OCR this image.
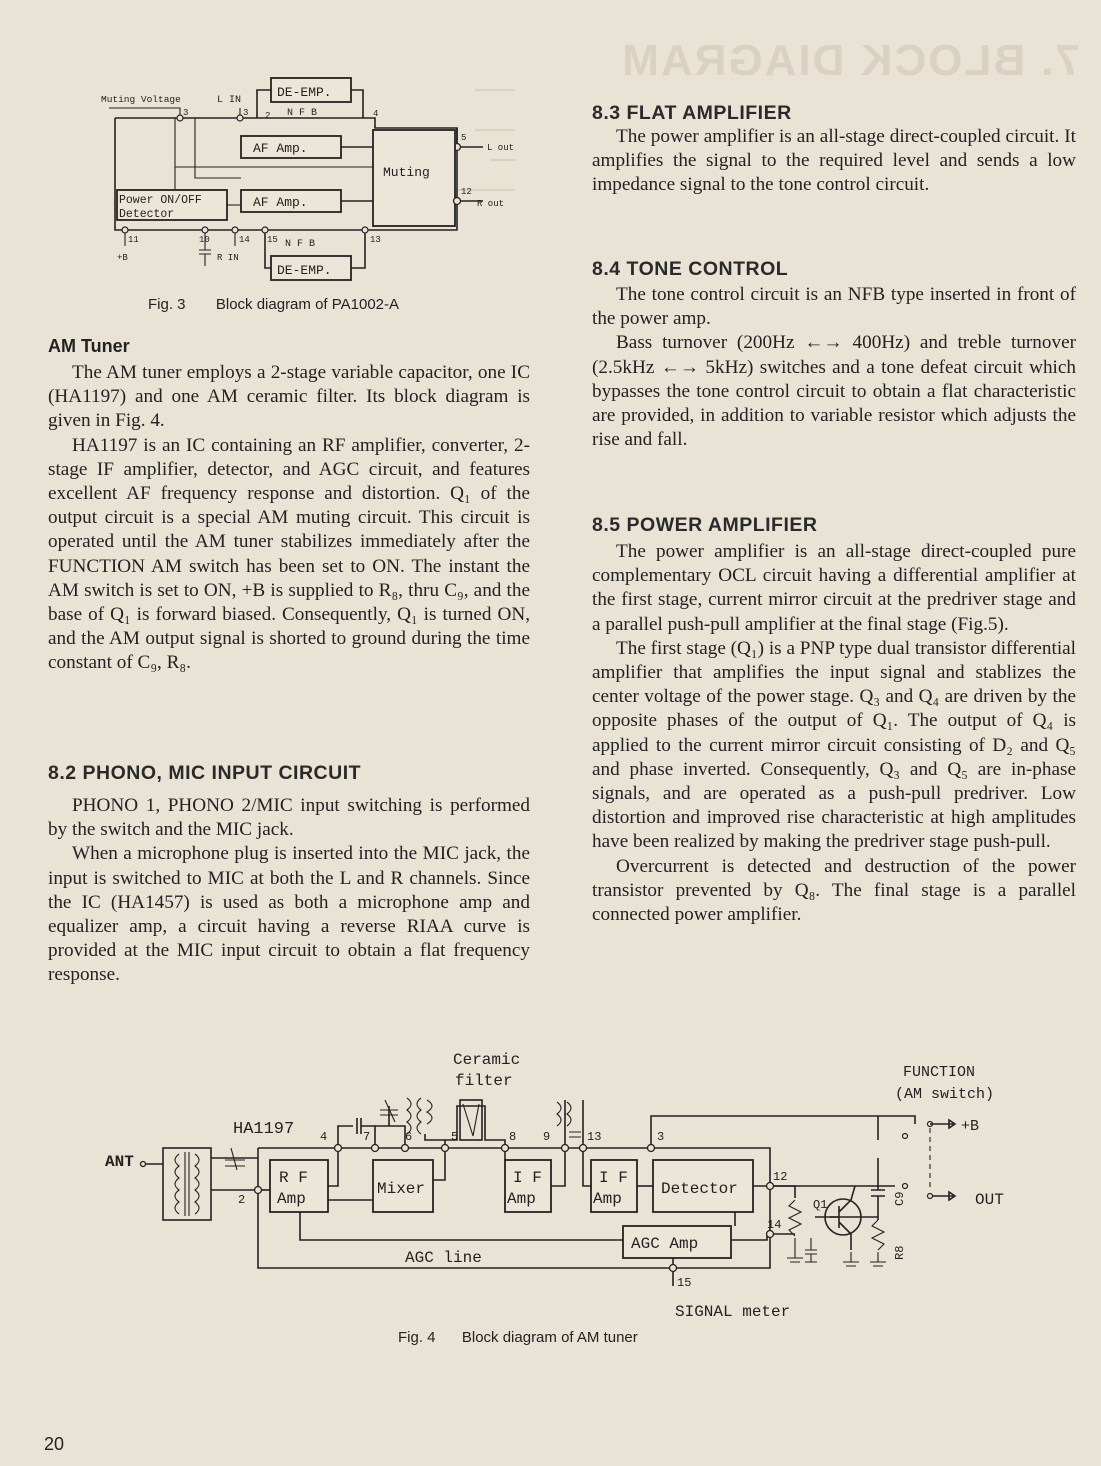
7. BLOCK DIAGRAM
DE-EMP.
N F B
Muting Voltage	L IN
3	3 2	4
AF Amp.
5
L out
Muting
Power ON/OFF
Detector
AF Amp.
12
R out
11	10	14 15	13
+B	R IN
N F B
DE-EMP.
Fig. 3 Block diagram of PA1002-A
AM Tuner

The AM tuner employs a 2-stage variable capacitor, one IC (HA1197) and one AM ceramic filter. Its block diagram is given in Fig. 4.

HA1197 is an IC containing an RF amplifier, converter, 2-stage IF amplifier, detector, and AGC circuit, and features excellent AF frequency response and distortion. Q₁ of the output circuit is a special AM muting circuit. This circuit is operated until the AM tuner stabilizes immediately after the FUNCTION AM switch has been set to ON. The instant the AM switch is set to ON, +B is supplied to R₈, thru C₉, and the base of Q₁ is forward biased. Consequently, Q₁ is turned ON, and the AM output signal is shorted to ground during the time constant of C₉, R₈.

8.2 PHONO, MIC INPUT CIRCUIT

PHONO 1, PHONO 2/MIC input switching is performed by the switch and the MIC jack.

When a microphone plug is inserted into the MIC jack, the input is switched to MIC at both the L and R channels. Since the IC (HA1457) is used as both a microphone amp and equalizer amp, a circuit having a reverse RIAA curve is provided at the MIC input circuit to obtain a flat frequency response.

8.3 FLAT AMPLIFIER

The power amplifier is an all-stage direct-coupled circuit. It amplifies the signal to the required level and sends a low impedance signal to the tone control circuit.

8.4 TONE CONTROL

The tone control circuit is an NFB type inserted in front of the power amp.

Bass turnover (200Hz ←→ 400Hz) and treble turnover (2.5kHz ←→ 5kHz) switches and a tone defeat circuit which bypasses the tone control circuit to obtain a flat characteristic are provided, in addition to variable resistor which adjusts the rise and fall.

8.5 POWER AMPLIFIER

The power amplifier is an all-stage direct-coupled pure complementary OCL circuit having a differential amplifier at the first stage, current mirror circuit at the predriver stage and a parallel push-pull amplifier at the final stage (Fig.5).

The first stage (Q₁) is a PNP type dual transistor differential amplifier that amplifies the input signal and stablizes the center voltage of the power stage. Q₃ and Q₄ are driven by the opposite phases of the output of Q₁. The output of Q₄ is applied to the current mirror circuit consisting of D₂ and Q₅ and phase inverted. Consequently, Q₃ and Q₅ are in-phase signals, and are operated as a push-pull predriver. Low distortion and improved rise characteristic at high amplitudes have been realized by making the predriver stage push-pull.

Overcurrent is detected and destruction of the power transistor prevented by Q₈. The final stage is a parallel connected power amplifier.

Ceramic
filter
HA1197
ANT
FUNCTION
(AM switch)
2
R F
Amp
4	7	6	5
Mixer
8
I F
Amp
9	13
I F
Amp
Detector
3
+B
12
Q1	C9
R8
OUT
AGC Amp
14
AGC line
15
SIGNAL meter
Fig. 4 Block diagram of AM tuner
20
